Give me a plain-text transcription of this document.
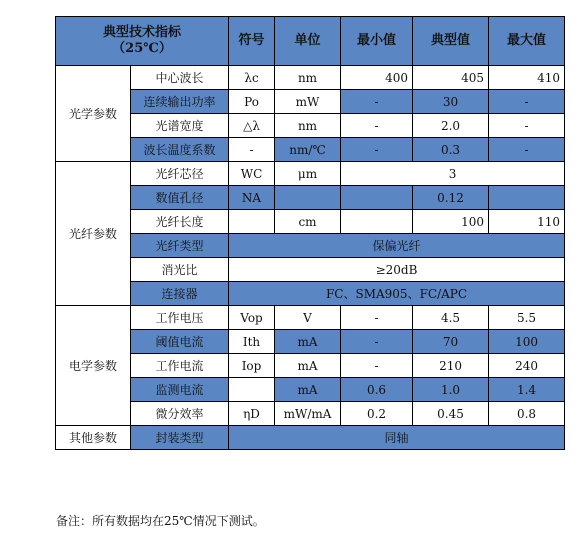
典型技术指标
（25℃）		符号	单位	最小值	典型值	最大值
光学参数	中心波长	λc	nm	400	405	410
	连续输出功率	Po	mW	-	30	-
	光谱宽度	△λ	nm	-	2.0	-
	波长温度系数	-	nm/℃	-	0.3	-
光纤参数	光纤芯径	WC	μm	3		
	数值孔径	NA			0.12	
	光纤长度		cm		100	110
	光纤类型	保偏光纤				
	消光比	≥20dB				
	连接器	FC、SMA905、FC/APC				
电学参数	工作电压	Vop	V	-	4.5	5.5
	阈值电流	Ith	mA	-	70	100
	工作电流	Iop	mA	-	210	240
	监测电流		mA	0.6	1.0	1.4
	微分效率	ηD	mW/mA	0.2	0.45	0.8
其他参数	封装类型	同轴				
备注：所有数据均在25℃情况下测试。
